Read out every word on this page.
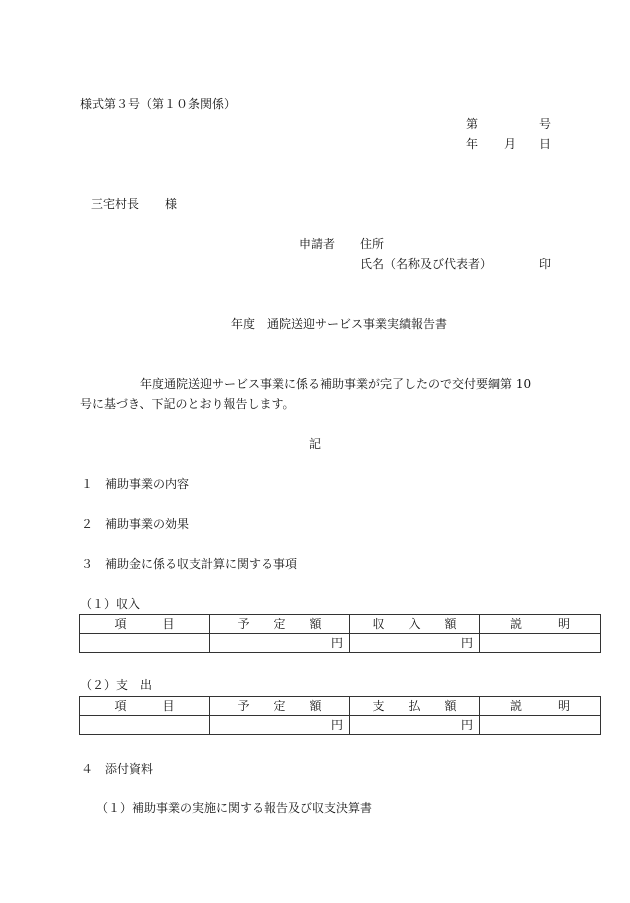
様式第３号（第１０条関係）
第	号
年 月 日
三宅村長 様
申請者 住所
氏名（名称及び代表者）	印
年度 通院送迎サービス事業実績報告書
年度通院送迎サービス事業に係る補助事業が完了したので交付要綱第 10
号に基づき、下記のとおり報告します。
記
１ 補助事業の内容
２ 補助事業の効果
３ 補助金に係る収支計算に関する事項
（１）収入
項　　　目	予　　定　　額	収　　入　　額	説　　　明
	円	円	
（２）支　出
項　　　目	予　　定　　額	支　　払　　額	説　　　明
	円	円	
４ 添付資料
（１）補助事業の実施に関する報告及び収支決算書
